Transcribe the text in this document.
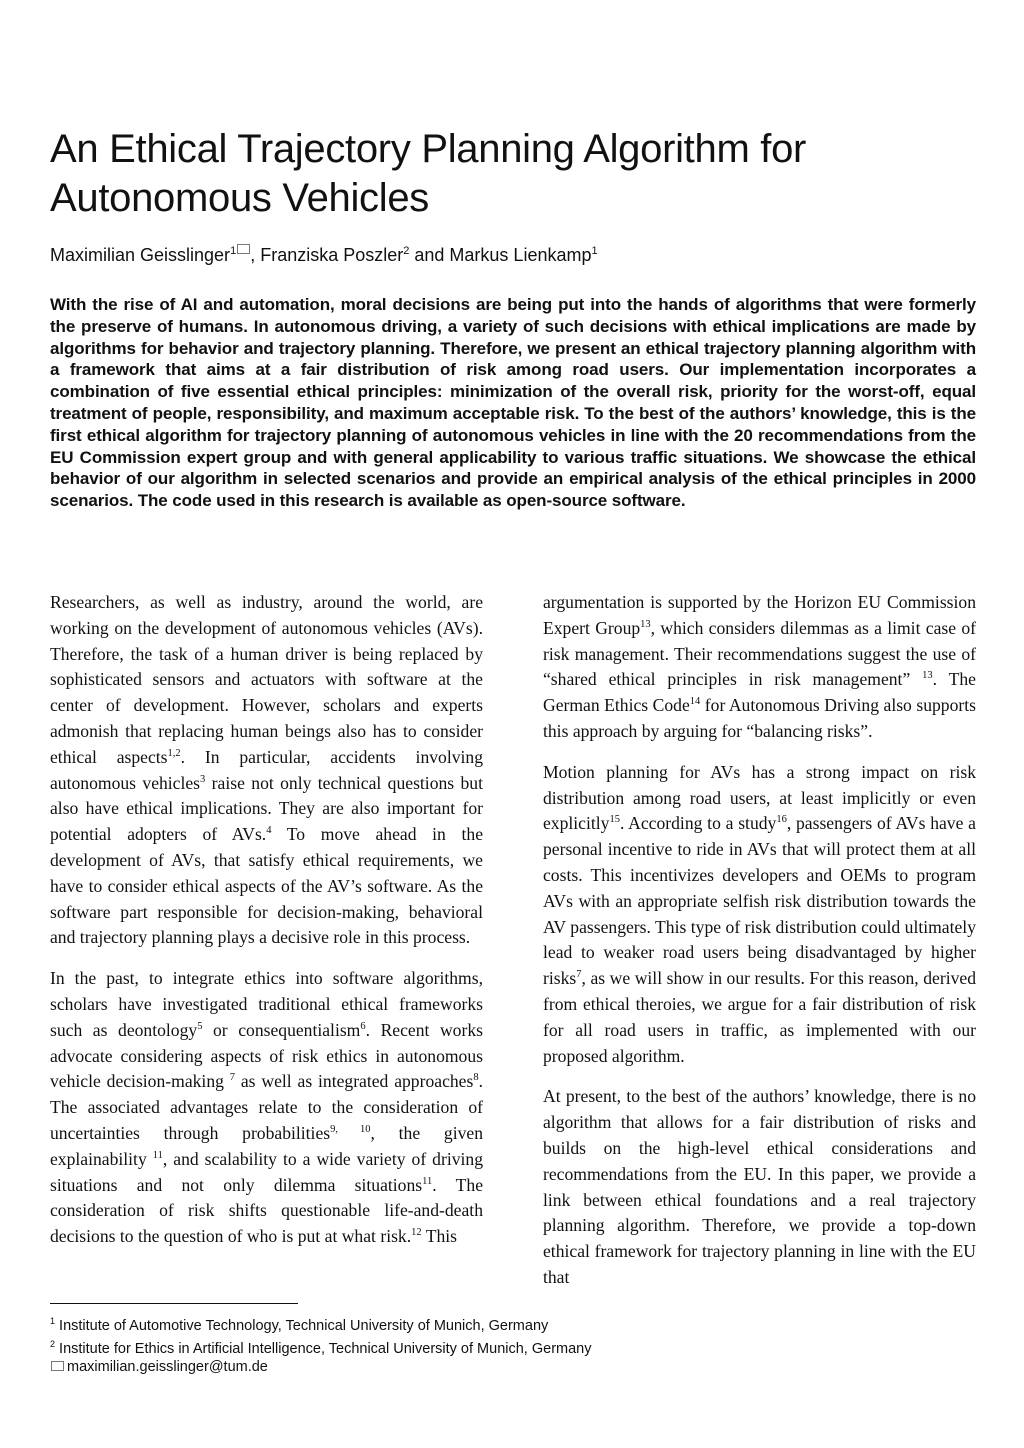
An Ethical Trajectory Planning Algorithm for Autonomous Vehicles
Maximilian Geisslinger$^1$ , Franziska Poszler$^2$ and Markus Lienkamp$^1$

With the rise of AI and automation, moral decisions are being put into the hands of algorithms that were formerly the preserve of humans. In autonomous driving, a variety of such decisions with ethical implications are made by algorithms for behavior and trajectory planning. Therefore, we present an ethical trajectory planning algorithm with a framework that aims at a fair distribution of risk among road users. Our implementation incorporates a combination of five essential ethical principles: minimization of the overall risk, priority for the worst-off, equal treatment of people, responsibility, and maximum acceptable risk. To the best of the authors’ knowledge, this is the first ethical algorithm for trajectory planning of autonomous vehicles in line with the 20 recommendations from the EU Commission expert group and with general applicability to various traffic situations. We showcase the ethical behavior of our algorithm in selected scenarios and provide an empirical analysis of the ethical principles in 2000 scenarios. The code used in this research is available as open-source software.

Researchers, as well as industry, around the world, are working on the development of autonomous vehicles (AVs). Therefore, the task of a human driver is being replaced by sophisticated sensors and actuators with software at the center of development. However, scholars and experts admonish that replacing human beings also has to consider ethical aspects$^{1,2}$. In particular, accidents involving autonomous vehicles$^3$ raise not only technical questions but also have ethical implications. They are also important for potential adopters of AVs.$^4$ To move ahead in the development of AVs, that satisfy ethical requirements, we have to consider ethical aspects of the AV’s software. As the software part responsible for decision-making, behavioral and trajectory planning plays a decisive role in this process.

In the past, to integrate ethics into software algorithms, scholars have investigated traditional ethical frameworks such as deontology$^5$ or consequentialism$^6$. Recent works advocate considering aspects of risk ethics in autonomous vehicle decision-making $^7$ as well as integrated approaches$^8$. The associated advantages relate to the consideration of uncertainties through probabilities$^{9, 10}$, the given explainability $^{11}$, and scalability to a wide variety of driving situations and not only dilemma situations$^{11}$. The consideration of risk shifts questionable life-and-death decisions to the question of who is put at what risk.$^{12}$ This

argumentation is supported by the Horizon EU Commission Expert Group$^{13}$, which considers dilemmas as a limit case of risk management. Their recommendations suggest the use of “shared ethical principles in risk management” $^{13}$. The German Ethics Code$^{14}$ for Autonomous Driving also supports this approach by arguing for “balancing risks”.

Motion planning for AVs has a strong impact on risk distribution among road users, at least implicitly or even explicitly$^{15}$. According to a study$^{16}$, passengers of AVs have a personal incentive to ride in AVs that will protect them at all costs. This incentivizes developers and OEMs to program AVs with an appropriate selfish risk distribution towards the AV passengers. This type of risk distribution could ultimately lead to weaker road users being disadvantaged by higher risks$^7$, as we will show in our results. For this reason, derived from ethical theroies, we argue for a fair distribution of risk for all road users in traffic, as implemented with our proposed algorithm.

At present, to the best of the authors’ knowledge, there is no algorithm that allows for a fair distribution of risks and builds on the high-level ethical considerations and recommendations from the EU. In this paper, we provide a link between ethical foundations and a real trajectory planning algorithm. Therefore, we provide a top-down ethical framework for trajectory planning in line with the EU that

$^1$ Institute of Automotive Technology, Technical University of Munich, Germany
$^2$ Institute for Ethics in Artificial Intelligence, Technical University of Munich, Germany
maximilian.geisslinger@tum.de
